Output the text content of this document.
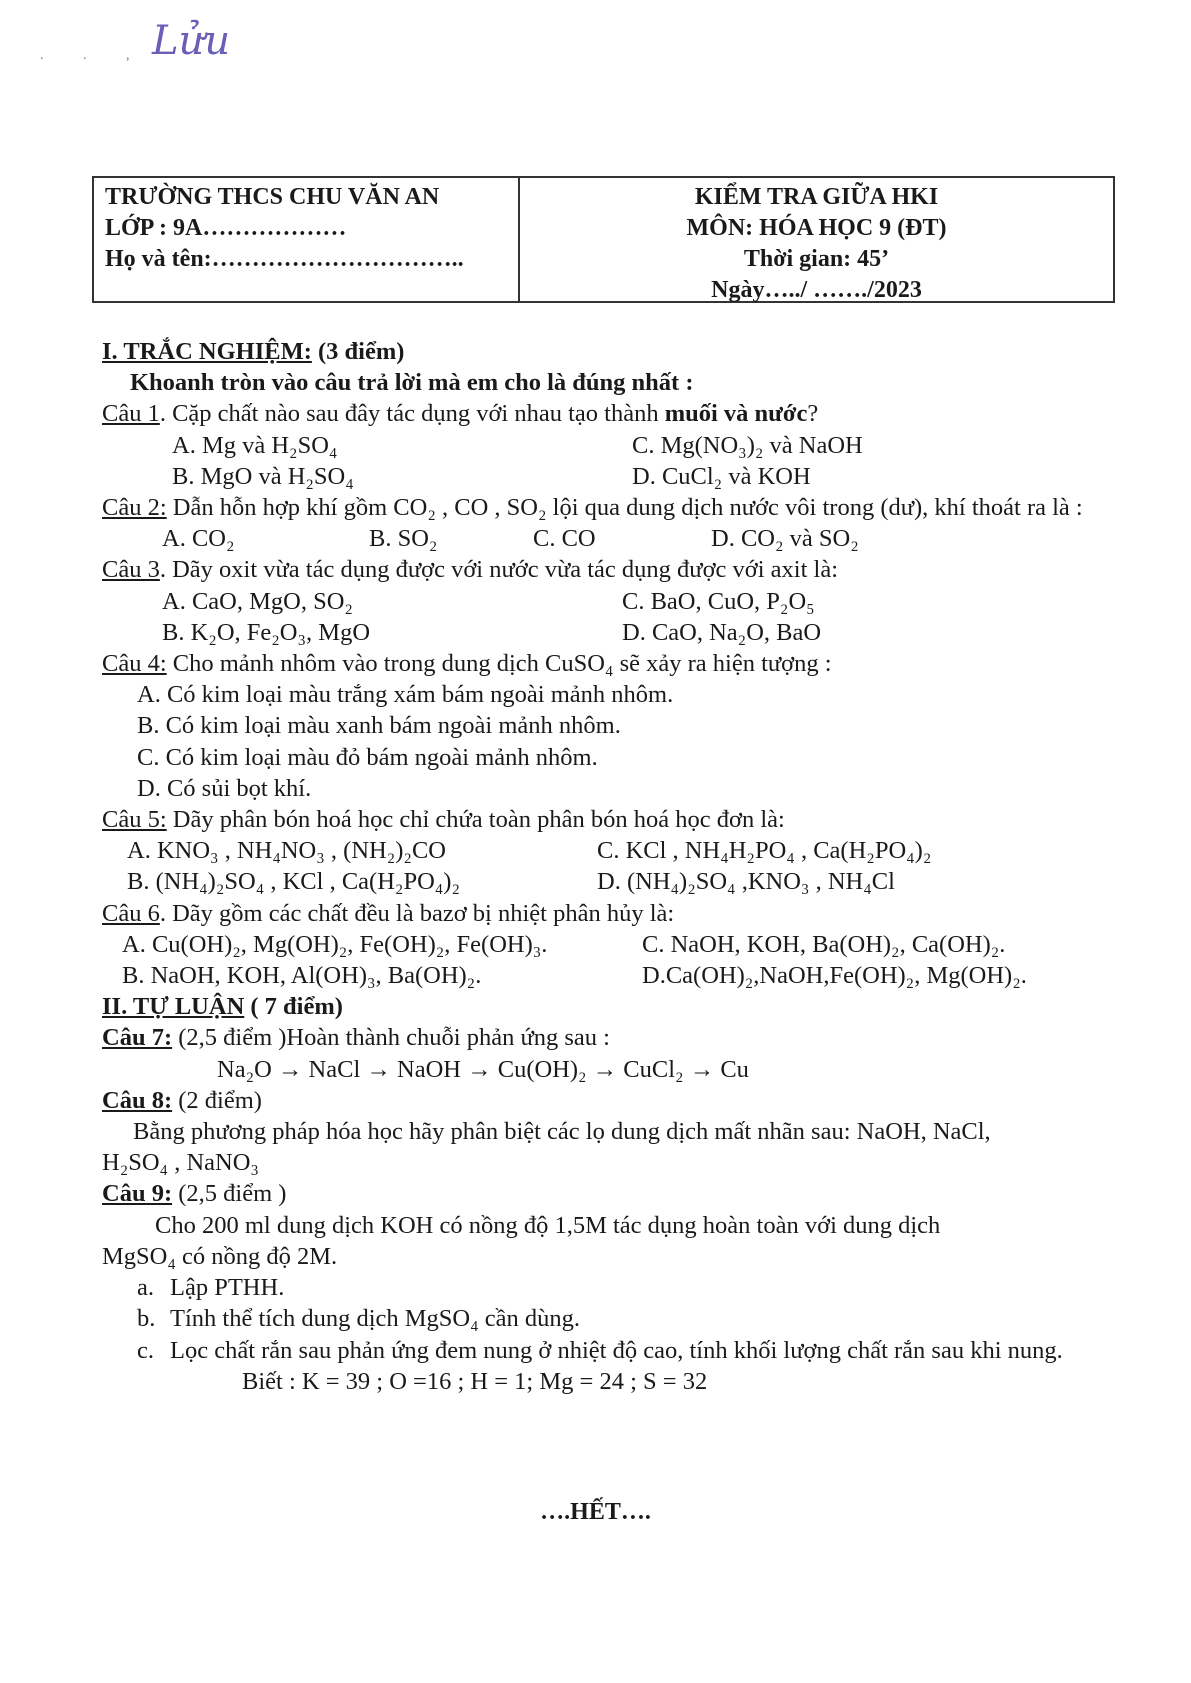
. . , Lửu
TRƯỜNG THCS CHU VĂN AN
LỚP : 9A………………
Họ và tên:…………………………..
KIỂM TRA GIỮA HKI
MÔN: HÓA HỌC 9 (ĐT)
Thời gian: 45’
Ngày…../ ……./2023
I. TRẮC NGHIỆM: (3 điểm)
Khoanh tròn vào câu trả lời mà em cho là đúng nhất :
Câu 1. Cặp chất nào sau đây tác dụng với nhau tạo thành muối và nước?
A. Mg và H₂SO₄	C. Mg(NO₃)₂ và NaOH
B. MgO và H₂SO₄	D. CuCl₂ và KOH
Câu 2: Dẫn hỗn hợp khí gồm CO₂ , CO , SO₂ lội qua dung dịch nước vôi trong (dư), khí thoát ra là :
A. CO₂	B. SO₂	C. CO	D. CO₂ và SO₂
Câu 3. Dãy oxit vừa tác dụng được với nước vừa tác dụng được với axit là:
A. CaO, MgO, SO₂	C. BaO, CuO, P₂O₅
B. K₂O, Fe₂O₃, MgO	D. CaO, Na₂O, BaO
Câu 4: Cho mảnh nhôm vào trong dung dịch CuSO₄ sẽ xảy ra hiện tượng :
A. Có kim loại màu trắng xám bám ngoài mảnh nhôm.
B. Có kim loại màu xanh bám ngoài mảnh nhôm.
C. Có kim loại màu đỏ bám ngoài mảnh nhôm.
D. Có sủi bọt khí.
Câu 5: Dãy phân bón hoá học chỉ chứa toàn phân bón hoá học đơn là:
A. KNO₃ , NH₄NO₃ , (NH₂)₂CO	C. KCl , NH₄H₂PO₄ , Ca(H₂PO₄)₂
B. (NH₄)₂SO₄ , KCl , Ca(H₂PO₄)₂	D. (NH₄)₂SO₄ ,KNO₃ , NH₄Cl
Câu 6. Dãy gồm các chất đều là bazơ bị nhiệt phân hủy là:
A. Cu(OH)₂, Mg(OH)₂, Fe(OH)₂, Fe(OH)₃.	C. NaOH, KOH, Ba(OH)₂, Ca(OH)₂.
B. NaOH, KOH, Al(OH)₃, Ba(OH)₂.	D.Ca(OH)₂,NaOH,Fe(OH)₂, Mg(OH)₂.
II. TỰ LUẬN ( 7 điểm)
Câu 7: (2,5 điểm )Hoàn thành chuỗi phản ứng sau :
Na₂O → NaCl → NaOH → Cu(OH)₂ → CuCl₂ → Cu
Câu 8: (2 điểm)
Bằng phương pháp hóa học hãy phân biệt các lọ dung dịch mất nhãn sau: NaOH, NaCl,
H₂SO₄ , NaNO₃
Câu 9: (2,5 điểm )
Cho 200 ml dung dịch KOH có nồng độ 1,5M tác dụng hoàn toàn với dung dịch
MgSO₄ có nồng độ 2M.
a. Lập PTHH.
b. Tính thể tích dung dịch MgSO₄ cần dùng.
c. Lọc chất rắn sau phản ứng đem nung ở nhiệt độ cao, tính khối lượng chất rắn sau khi nung.
Biết : K = 39 ; O =16 ; H = 1; Mg = 24 ; S = 32
….HẾT….
